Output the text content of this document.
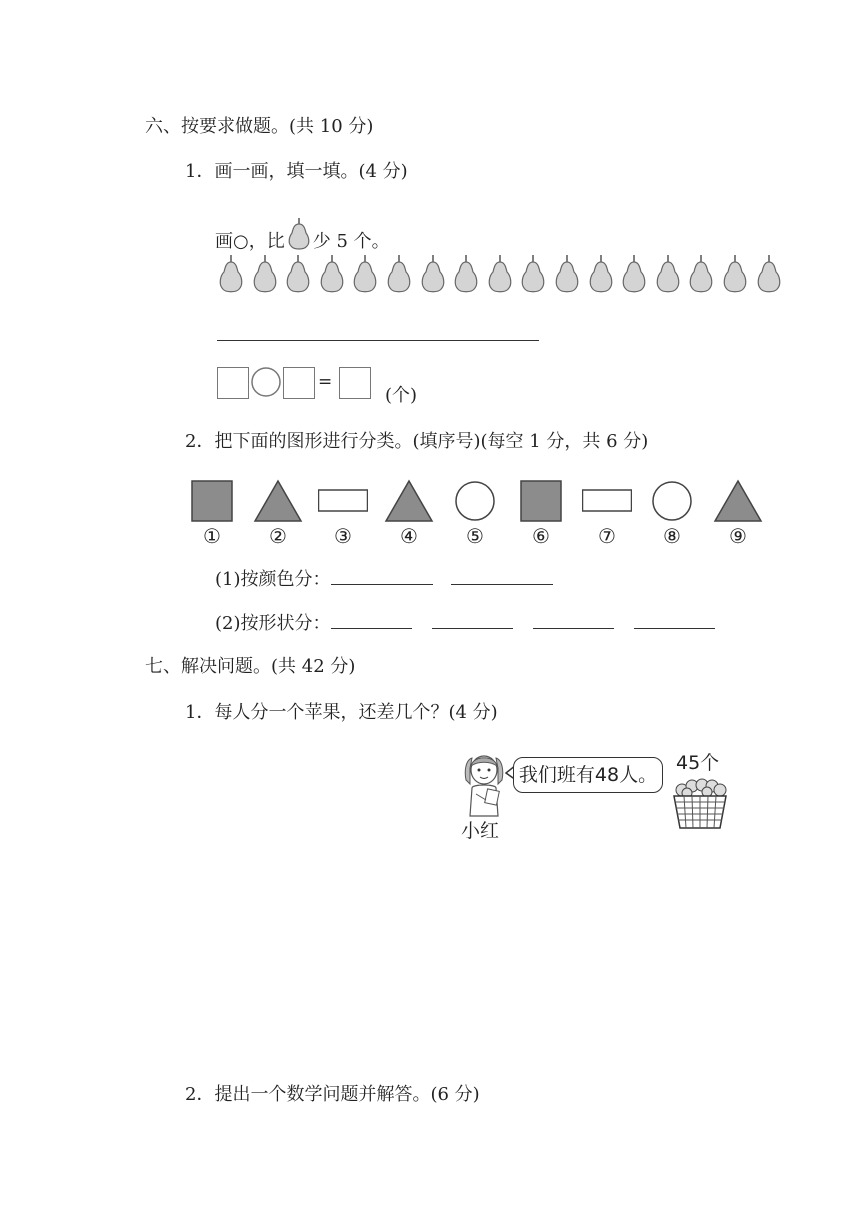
六、按要求做题。(共 10 分)
1．画一画，填一填。(4 分)
画○，比 少 5 个。
=
(个)
2．把下面的图形进行分类。(填序号)(每空 1 分，共 6 分)
①	②	③	④	⑤	⑥	⑦	⑧	⑨
(1)按颜色分：
(2)按形状分：
七、解决问题。(共 42 分)
1．每人分一个苹果，还差几个？(4 分)
小红
我们班有48人。
45个
2．提出一个数学问题并解答。(6 分)
